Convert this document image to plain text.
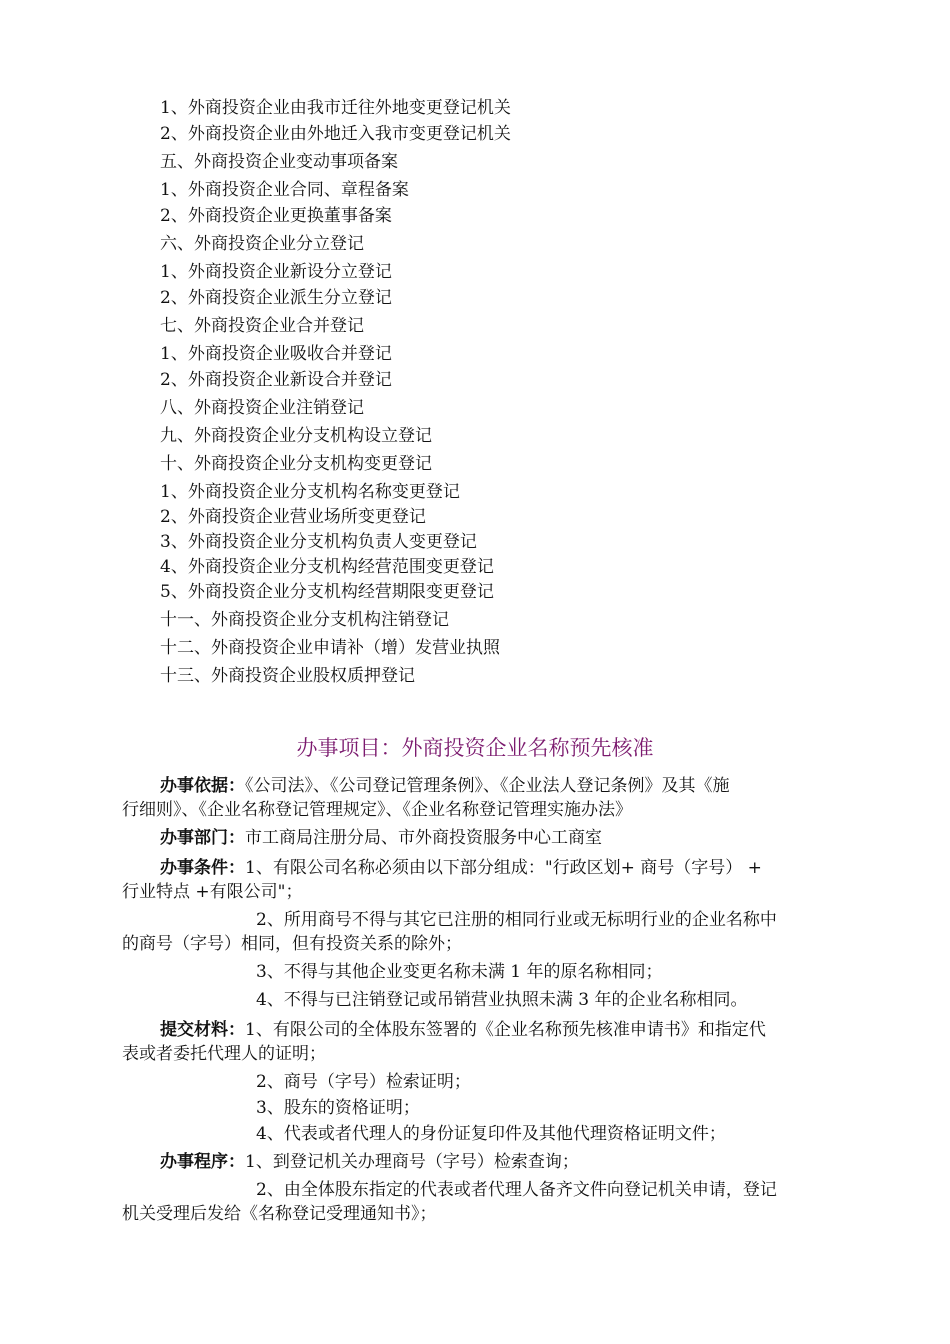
1、外商投资企业由我市迁往外地变更登记机关
2、外商投资企业由外地迁入我市变更登记机关
五、外商投资企业变动事项备案
1、外商投资企业合同、章程备案
2、外商投资企业更换董事备案
六、外商投资企业分立登记
1、外商投资企业新设分立登记
2、外商投资企业派生分立登记
七、外商投资企业合并登记
1、外商投资企业吸收合并登记
2、外商投资企业新设合并登记
八、外商投资企业注销登记
九、外商投资企业分支机构设立登记
十、外商投资企业分支机构变更登记
1、外商投资企业分支机构名称变更登记
2、外商投资企业营业场所变更登记
3、外商投资企业分支机构负责人变更登记
4、外商投资企业分支机构经营范围变更登记
5、外商投资企业分支机构经营期限变更登记
十一、外商投资企业分支机构注销登记
十二、外商投资企业申请补（增）发营业执照
十三、外商投资企业股权质押登记
办事项目：外商投资企业名称预先核准
办事依据：《公司法》、《公司登记管理条例》、《企业法人登记条例》及其《施
行细则》、《企业名称登记管理规定》、《企业名称登记管理实施办法》
办事部门：市工商局注册分局、市外商投资服务中心工商室
办事条件：1、有限公司名称必须由以下部分组成："行政区划+ 商号（字号） +
行业特点 +有限公司"；
2、所用商号不得与其它已注册的相同行业或无标明行业的企业名称中
的商号（字号）相同，但有投资关系的除外；
3、不得与其他企业变更名称未满 1 年的原名称相同；
4、不得与已注销登记或吊销营业执照未满 3 年的企业名称相同。
提交材料：1、有限公司的全体股东签署的《企业名称预先核准申请书》和指定代
表或者委托代理人的证明；
2、商号（字号）检索证明；
3、股东的资格证明；
4、代表或者代理人的身份证复印件及其他代理资格证明文件；
办事程序：1、到登记机关办理商号（字号）检索查询；
2、由全体股东指定的代表或者代理人备齐文件向登记机关申请，登记
机关受理后发给《名称登记受理通知书》；
